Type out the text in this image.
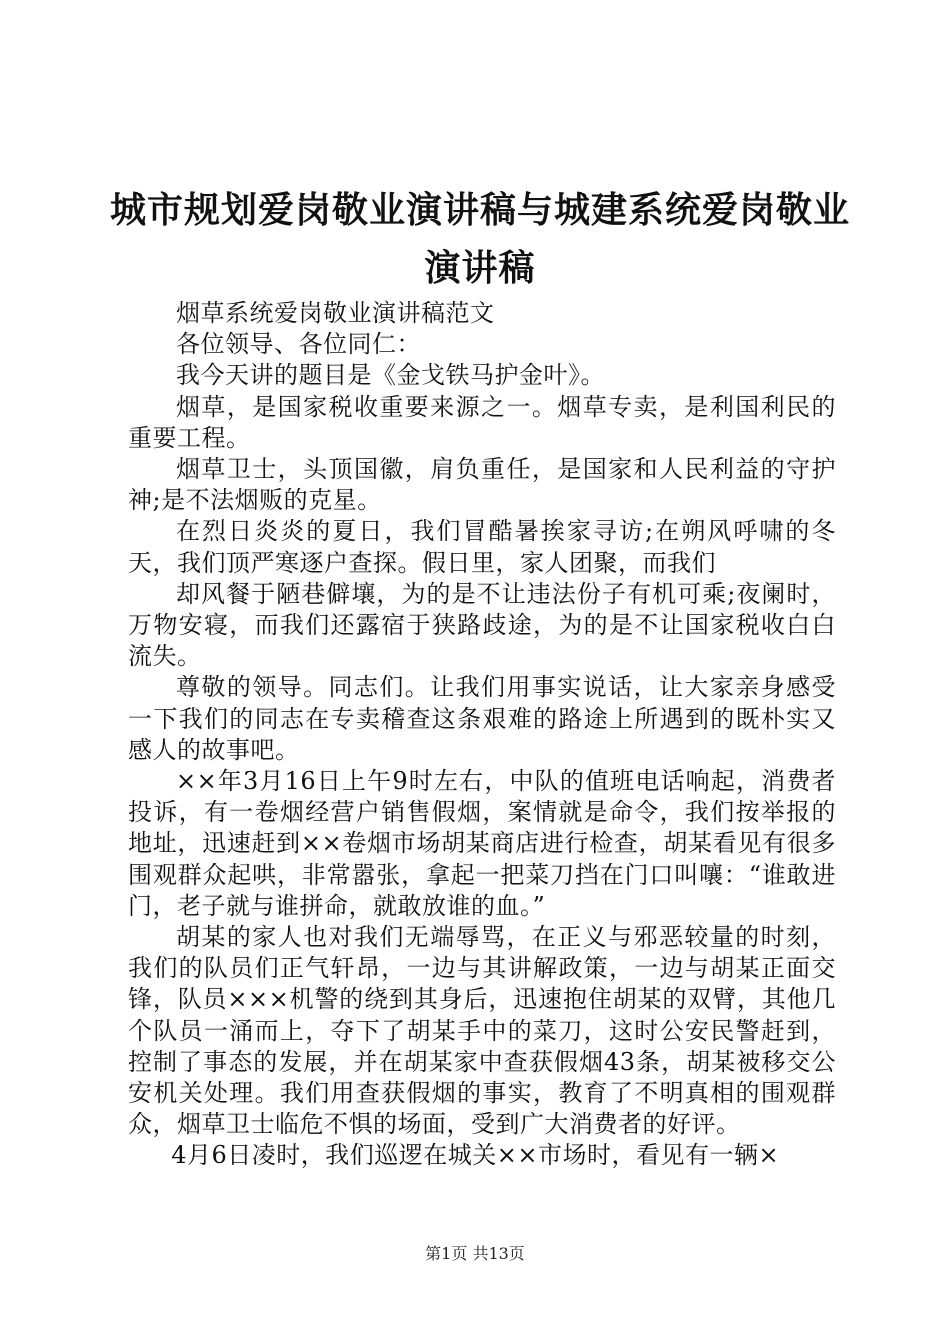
城市规划爱岗敬业演讲稿与城建系统爱岗敬业
演讲稿

烟草系统爱岗敬业演讲稿范文

各位领导、各位同仁：

我今天讲的题目是《金戈铁马护金叶》。

烟草，是国家税收重要来源之一。烟草专卖，是利国利民的重要工程。

烟草卫士，头顶国徽，肩负重任，是国家和人民利益的守护神;是不法烟贩的克星。

在烈日炎炎的夏日，我们冒酷暑挨家寻访;在朔风呼啸的冬天，我们顶严寒逐户查探。假日里，家人团聚，而我们

却风餐于陋巷僻壤，为的是不让违法份子有机可乘;夜阑时，万物安寝，而我们还露宿于狭路歧途，为的是不让国家税收白白流失。

尊敬的领导。同志们。让我们用事实说话，让大家亲身感受一下我们的同志在专卖稽查这条艰难的路途上所遇到的既朴实又感人的故事吧。

××年3月16日上午9时左右，中队的值班电话响起，消费者投诉，有一卷烟经营户销售假烟，案情就是命令，我们按举报的地址，迅速赶到××卷烟市场胡某商店进行检查，胡某看见有很多围观群众起哄，非常嚣张，拿起一把菜刀挡在门口叫嚷：“谁敢进门，老子就与谁拼命，就敢放谁的血。”

胡某的家人也对我们无端辱骂，在正义与邪恶较量的时刻，我们的队员们正气轩昂，一边与其讲解政策，一边与胡某正面交锋，队员×××机警的绕到其身后，迅速抱住胡某的双臂，其他几个队员一涌而上，夺下了胡某手中的菜刀，这时公安民警赶到，控制了事态的发展，并在胡某家中查获假烟43条，胡某被移交公安机关处理。我们用查获假烟的事实，教育了不明真相的围观群众，烟草卫士临危不惧的场面，受到广大消费者的好评。

4月6日凌时，我们巡逻在城关××市场时，看见有一辆×

第1页 共13页
